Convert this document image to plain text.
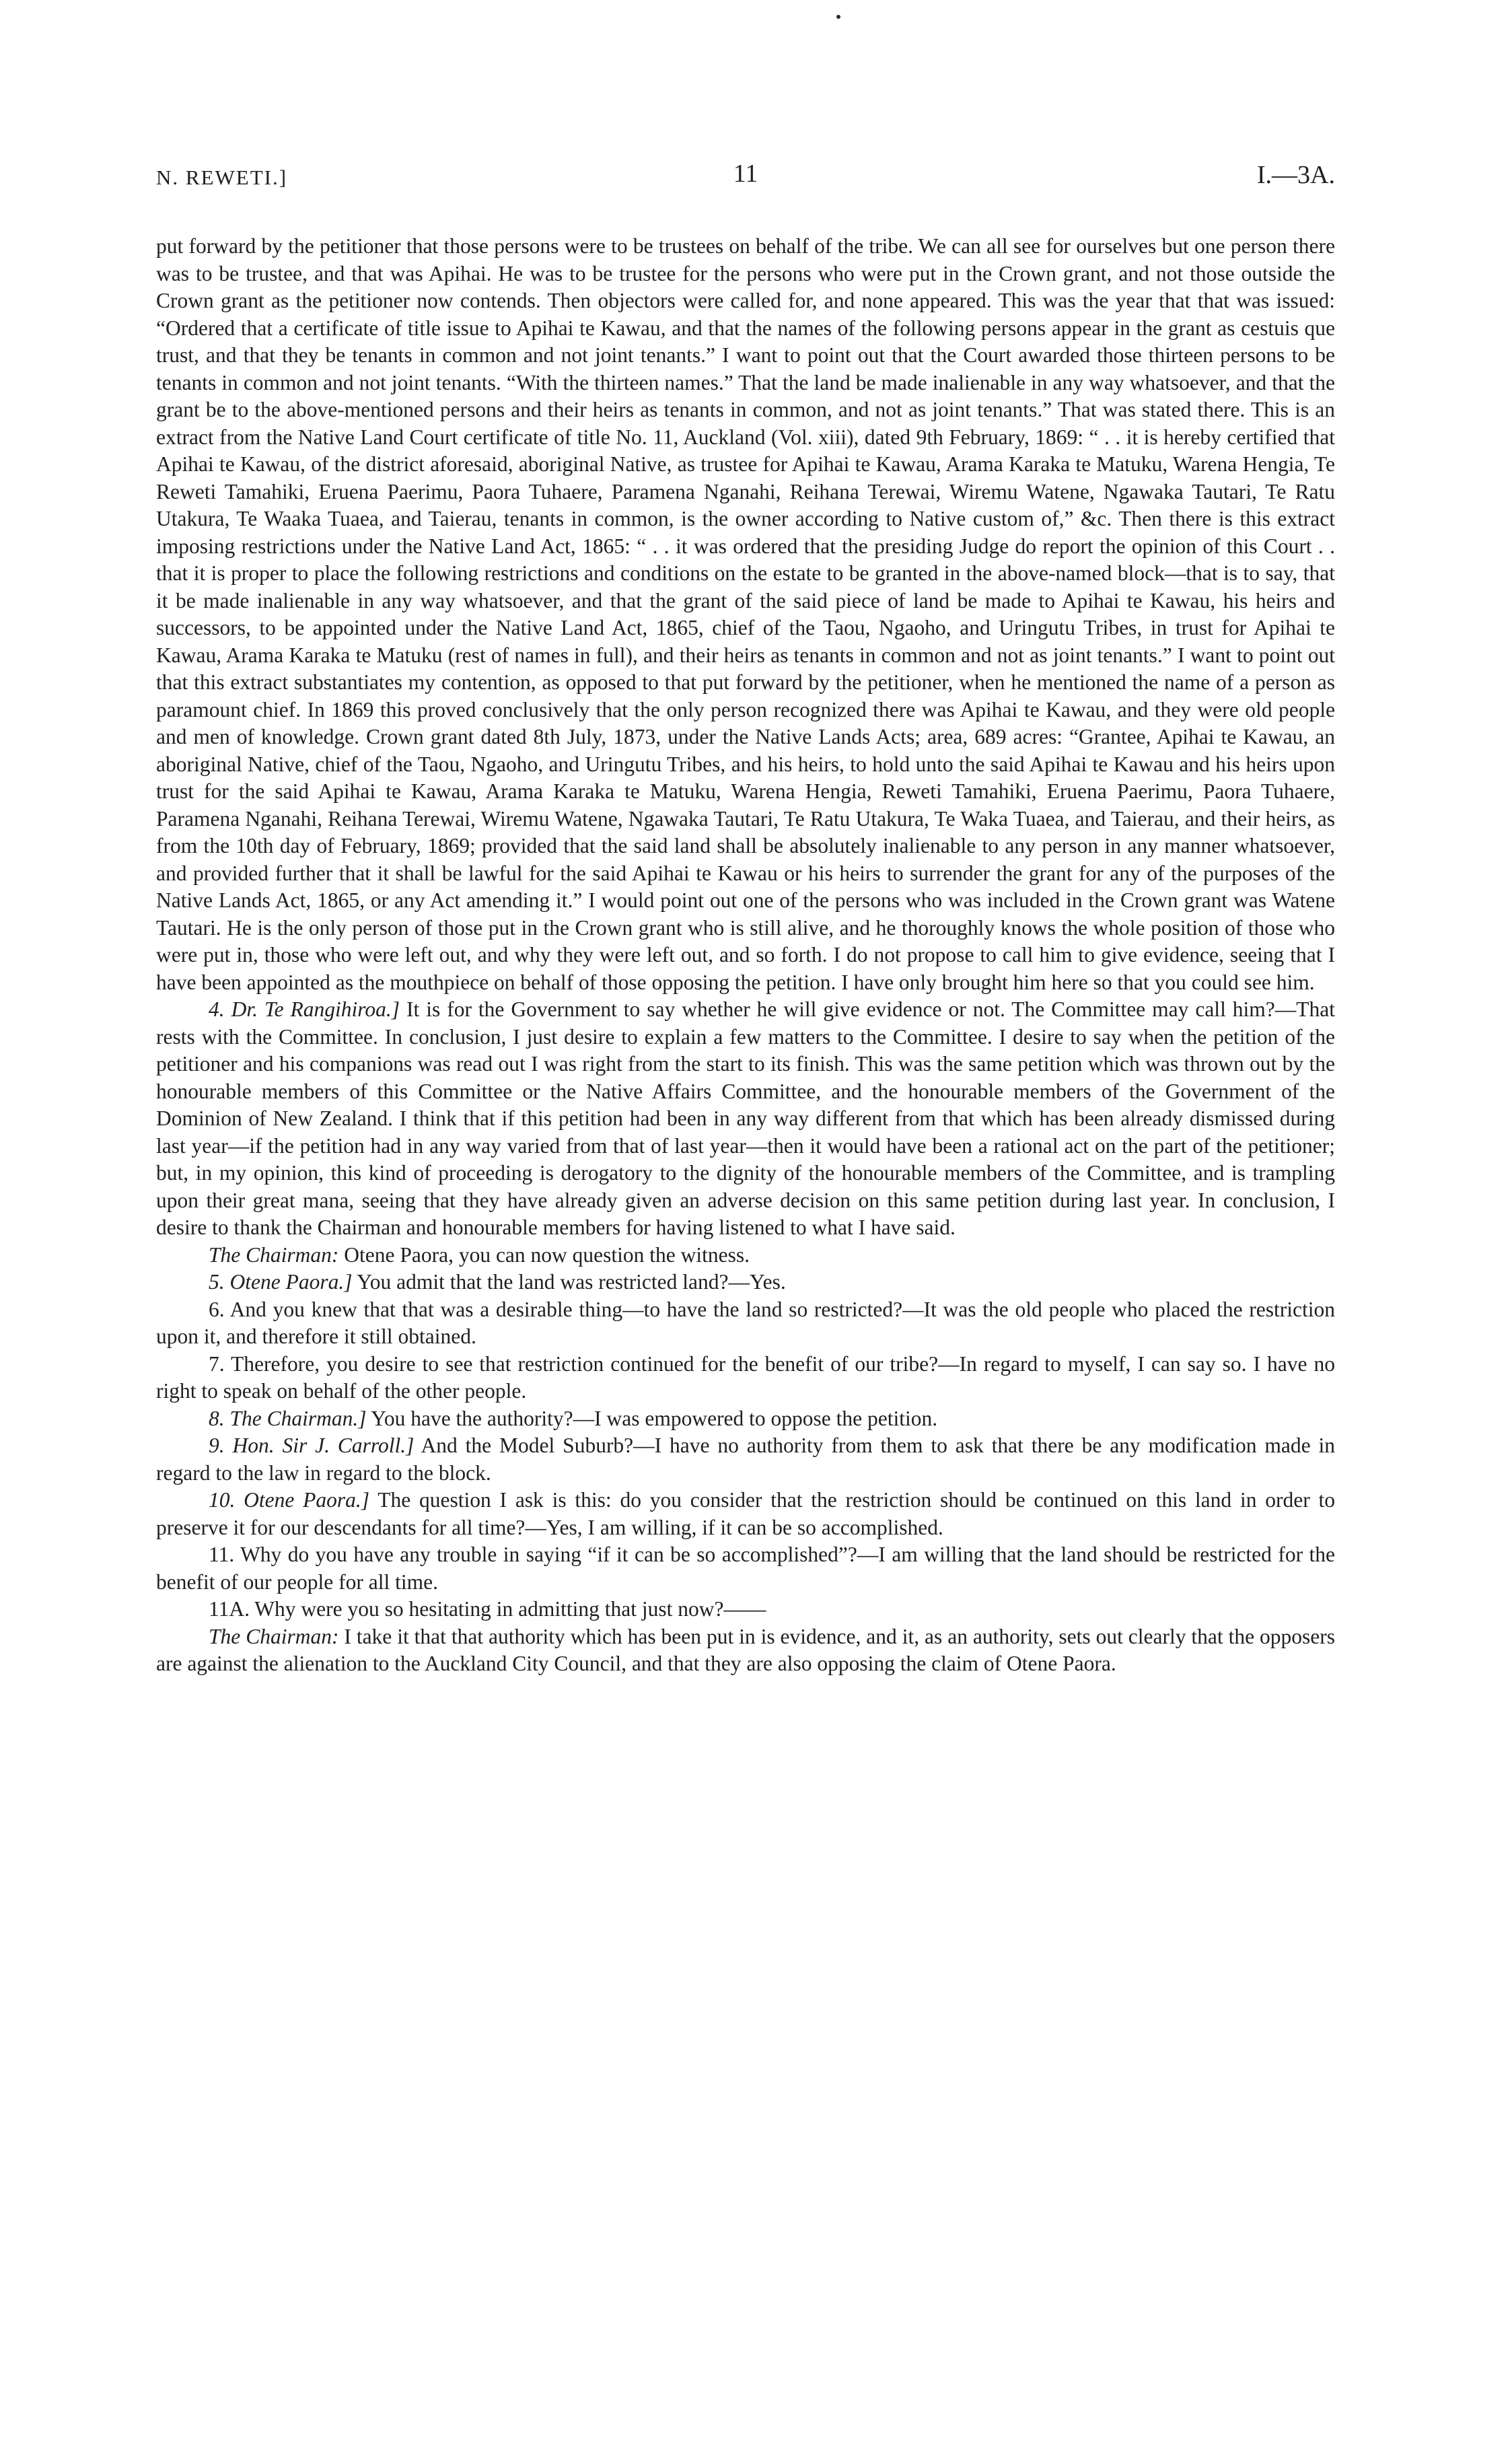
N. REWETI.]	11	I.—3A.

put forward by the petitioner that those persons were to be trustees on behalf of the tribe. We can all see for ourselves but one person there was to be trustee, and that was Apihai. He was to be trustee for the persons who were put in the Crown grant, and not those outside the Crown grant as the petitioner now contends. Then objectors were called for, and none appeared. This was the year that that was issued: “Ordered that a certificate of title issue to Apihai te Kawau, and that the names of the following persons appear in the grant as cestuis que trust, and that they be tenants in common and not joint tenants.” I want to point out that the Court awarded those thirteen persons to be tenants in common and not joint tenants. “With the thirteen names.” That the land be made inalienable in any way whatsoever, and that the grant be to the above-mentioned persons and their heirs as tenants in common, and not as joint tenants.” That was stated there. This is an extract from the Native Land Court certificate of title No. 11, Auckland (Vol. xiii), dated 9th February, 1869: “ . . it is hereby certified that Apihai te Kawau, of the district aforesaid, aboriginal Native, as trustee for Apihai te Kawau, Arama Karaka te Matuku, Warena Hengia, Te Reweti Tamahiki, Eruena Paerimu, Paora Tuhaere, Paramena Nganahi, Reihana Terewai, Wiremu Watene, Ngawaka Tautari, Te Ratu Utakura, Te Waaka Tuaea, and Taierau, tenants in common, is the owner according to Native custom of,” &c. Then there is this extract imposing restrictions under the Native Land Act, 1865: “ . . it was ordered that the presiding Judge do report the opinion of this Court . . that it is proper to place the following restrictions and conditions on the estate to be granted in the above-named block—that is to say, that it be made inalienable in any way whatsoever, and that the grant of the said piece of land be made to Apihai te Kawau, his heirs and successors, to be appointed under the Native Land Act, 1865, chief of the Taou, Ngaoho, and Uringutu Tribes, in trust for Apihai te Kawau, Arama Karaka te Matuku (rest of names in full), and their heirs as tenants in common and not as joint tenants.” I want to point out that this extract substantiates my contention, as opposed to that put forward by the petitioner, when he mentioned the name of a person as paramount chief. In 1869 this proved conclusively that the only person recognized there was Apihai te Kawau, and they were old people and men of knowledge. Crown grant dated 8th July, 1873, under the Native Lands Acts; area, 689 acres: “Grantee, Apihai te Kawau, an aboriginal Native, chief of the Taou, Ngaoho, and Uringutu Tribes, and his heirs, to hold unto the said Apihai te Kawau and his heirs upon trust for the said Apihai te Kawau, Arama Karaka te Matuku, Warena Hengia, Reweti Tamahiki, Eruena Paerimu, Paora Tuhaere, Paramena Nganahi, Reihana Terewai, Wiremu Watene, Ngawaka Tautari, Te Ratu Utakura, Te Waka Tuaea, and Taierau, and their heirs, as from the 10th day of February, 1869; provided that the said land shall be absolutely inalienable to any person in any manner whatsoever, and provided further that it shall be lawful for the said Apihai te Kawau or his heirs to surrender the grant for any of the purposes of the Native Lands Act, 1865, or any Act amending it.” I would point out one of the persons who was included in the Crown grant was Watene Tautari. He is the only person of those put in the Crown grant who is still alive, and he thoroughly knows the whole position of those who were put in, those who were left out, and why they were left out, and so forth. I do not propose to call him to give evidence, seeing that I have been appointed as the mouthpiece on behalf of those opposing the petition. I have only brought him here so that you could see him.

4. Dr. Te Rangihiroa.] It is for the Government to say whether he will give evidence or not. The Committee may call him?—That rests with the Committee. In conclusion, I just desire to explain a few matters to the Committee. I desire to say when the petition of the petitioner and his companions was read out I was right from the start to its finish. This was the same petition which was thrown out by the honourable members of this Committee or the Native Affairs Committee, and the honourable members of the Government of the Dominion of New Zealand. I think that if this petition had been in any way different from that which has been already dismissed during last year—if the petition had in any way varied from that of last year—then it would have been a rational act on the part of the petitioner; but, in my opinion, this kind of proceeding is derogatory to the dignity of the honourable members of the Committee, and is trampling upon their great mana, seeing that they have already given an adverse decision on this same petition during last year. In conclusion, I desire to thank the Chairman and honourable members for having listened to what I have said.

The Chairman: Otene Paora, you can now question the witness.

5. Otene Paora.] You admit that the land was restricted land?—Yes.

6. And you knew that that was a desirable thing—to have the land so restricted?—It was the old people who placed the restriction upon it, and therefore it still obtained.

7. Therefore, you desire to see that restriction continued for the benefit of our tribe?—In regard to myself, I can say so. I have no right to speak on behalf of the other people.

8. The Chairman.] You have the authority?—I was empowered to oppose the petition.

9. Hon. Sir J. Carroll.] And the Model Suburb?—I have no authority from them to ask that there be any modification made in regard to the law in regard to the block.

10. Otene Paora.] The question I ask is this: do you consider that the restriction should be continued on this land in order to preserve it for our descendants for all time?—Yes, I am willing, if it can be so accomplished.

11. Why do you have any trouble in saying “if it can be so accomplished”?—I am willing that the land should be restricted for the benefit of our people for all time.

11A. Why were you so hesitating in admitting that just now?——

The Chairman: I take it that that authority which has been put in is evidence, and it, as an authority, sets out clearly that the opposers are against the alienation to the Auckland City Council, and that they are also opposing the claim of Otene Paora.
